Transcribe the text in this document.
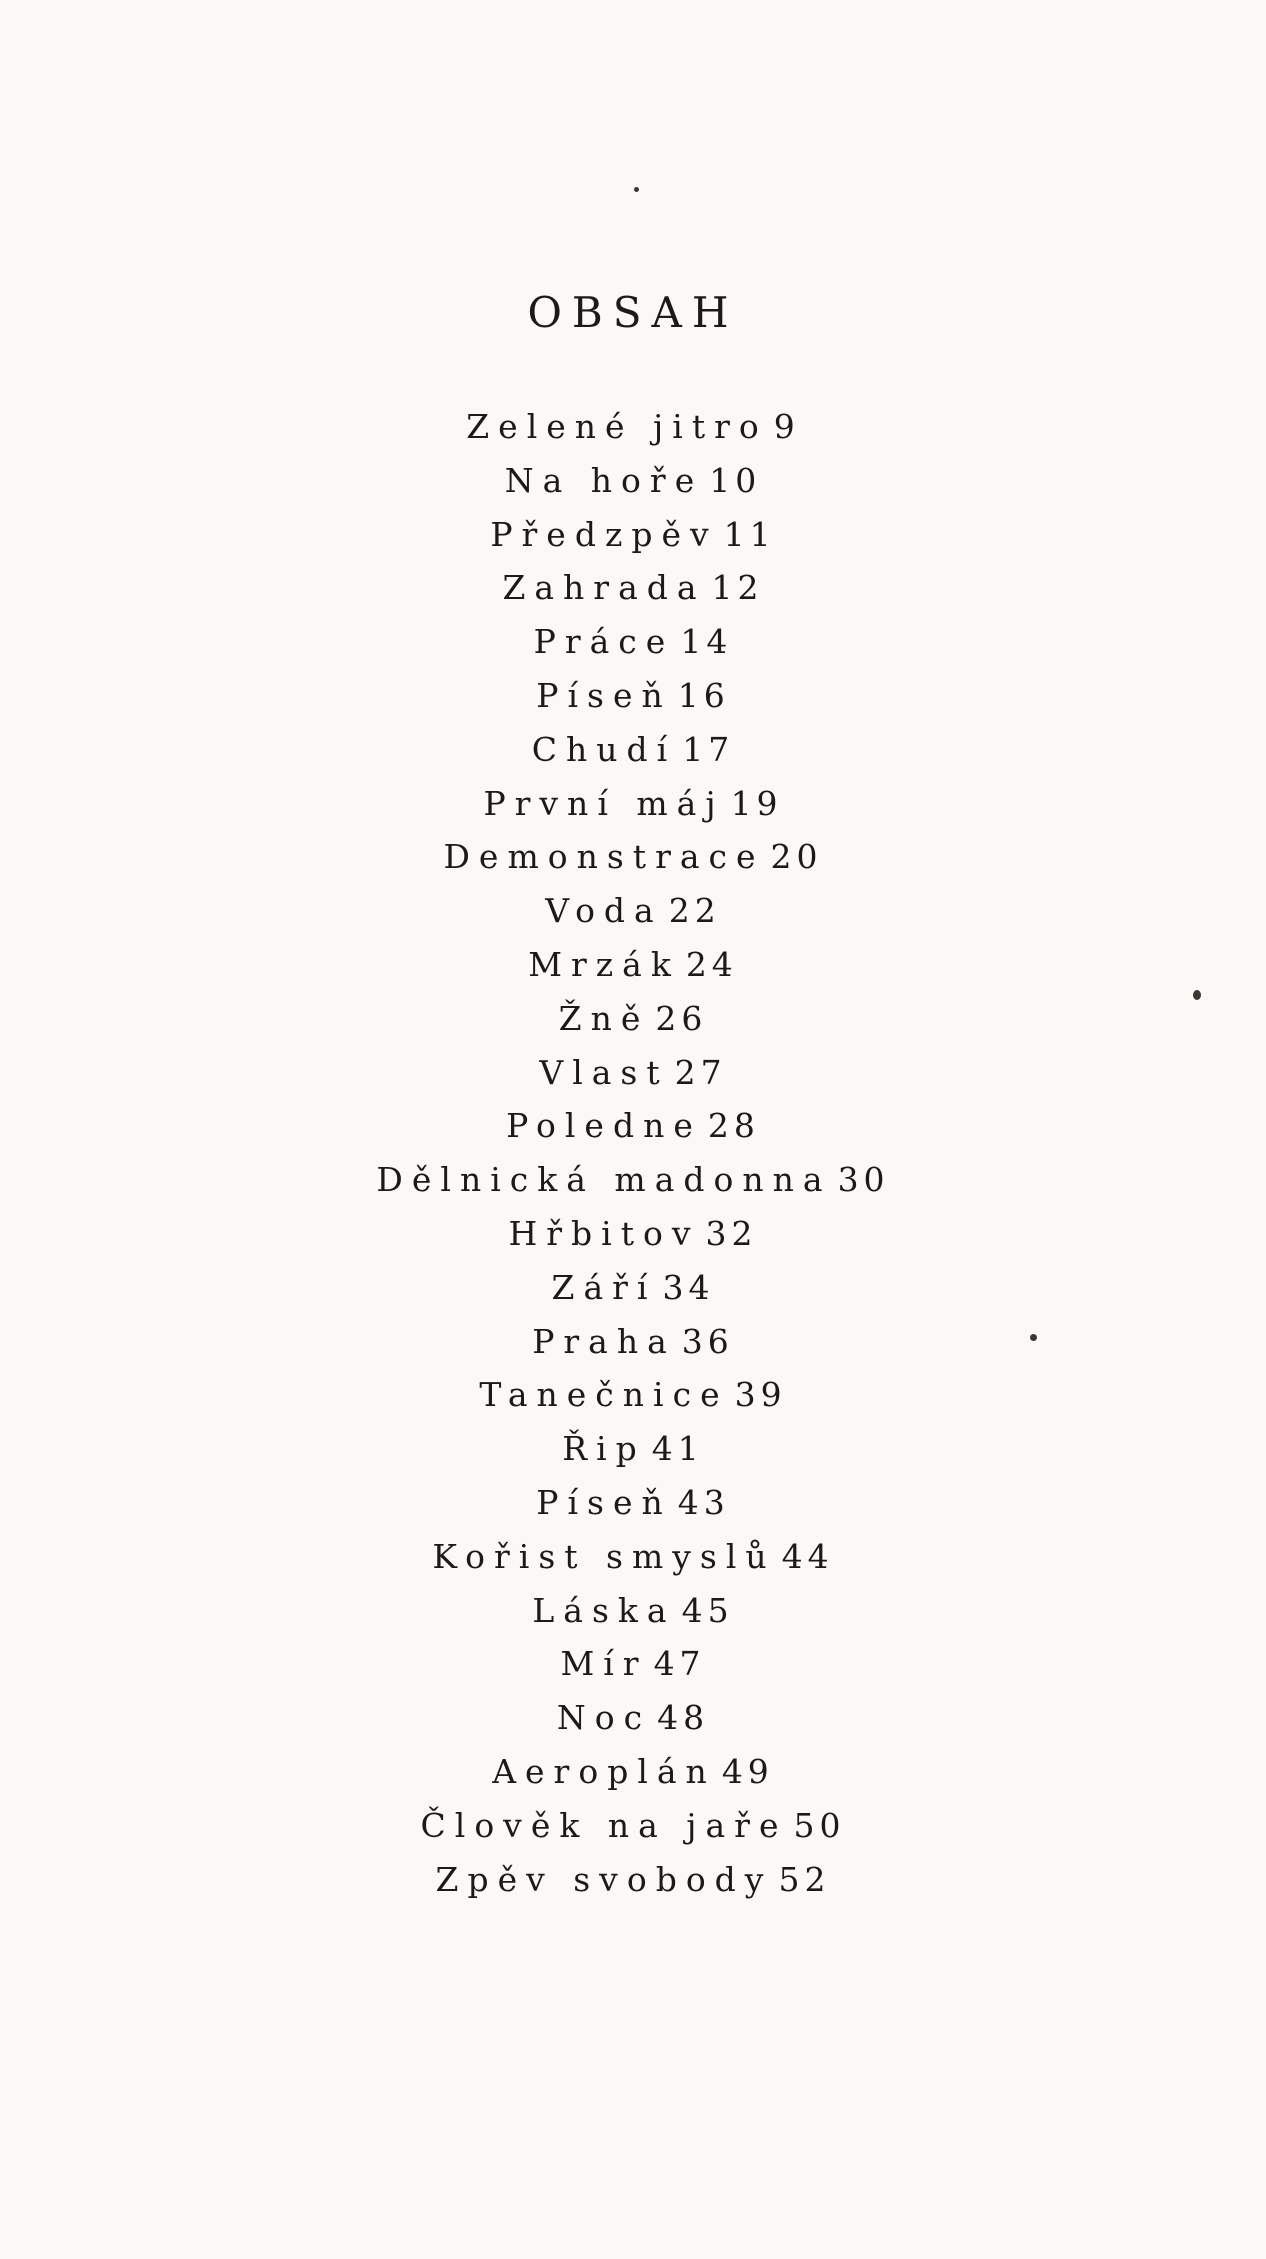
OBSAH
Zelené jitro 9
Na hoře 10
Předzpěv 11
Zahrada 12
Práce 14
Píseň 16
Chudí 17
První máj 19
Demonstrace 20
Voda 22
Mrzák 24
Žně 26
Vlast 27
Poledne 28
Dělnická madonna 30
Hřbitov 32
Září 34
Praha 36
Tanečnice 39
Řip 41
Píseň 43
Kořist smyslů 44
Láska 45
Mír 47
Noc 48
Aeroplán 49
Člověk na jaře 50
Zpěv svobody 52
